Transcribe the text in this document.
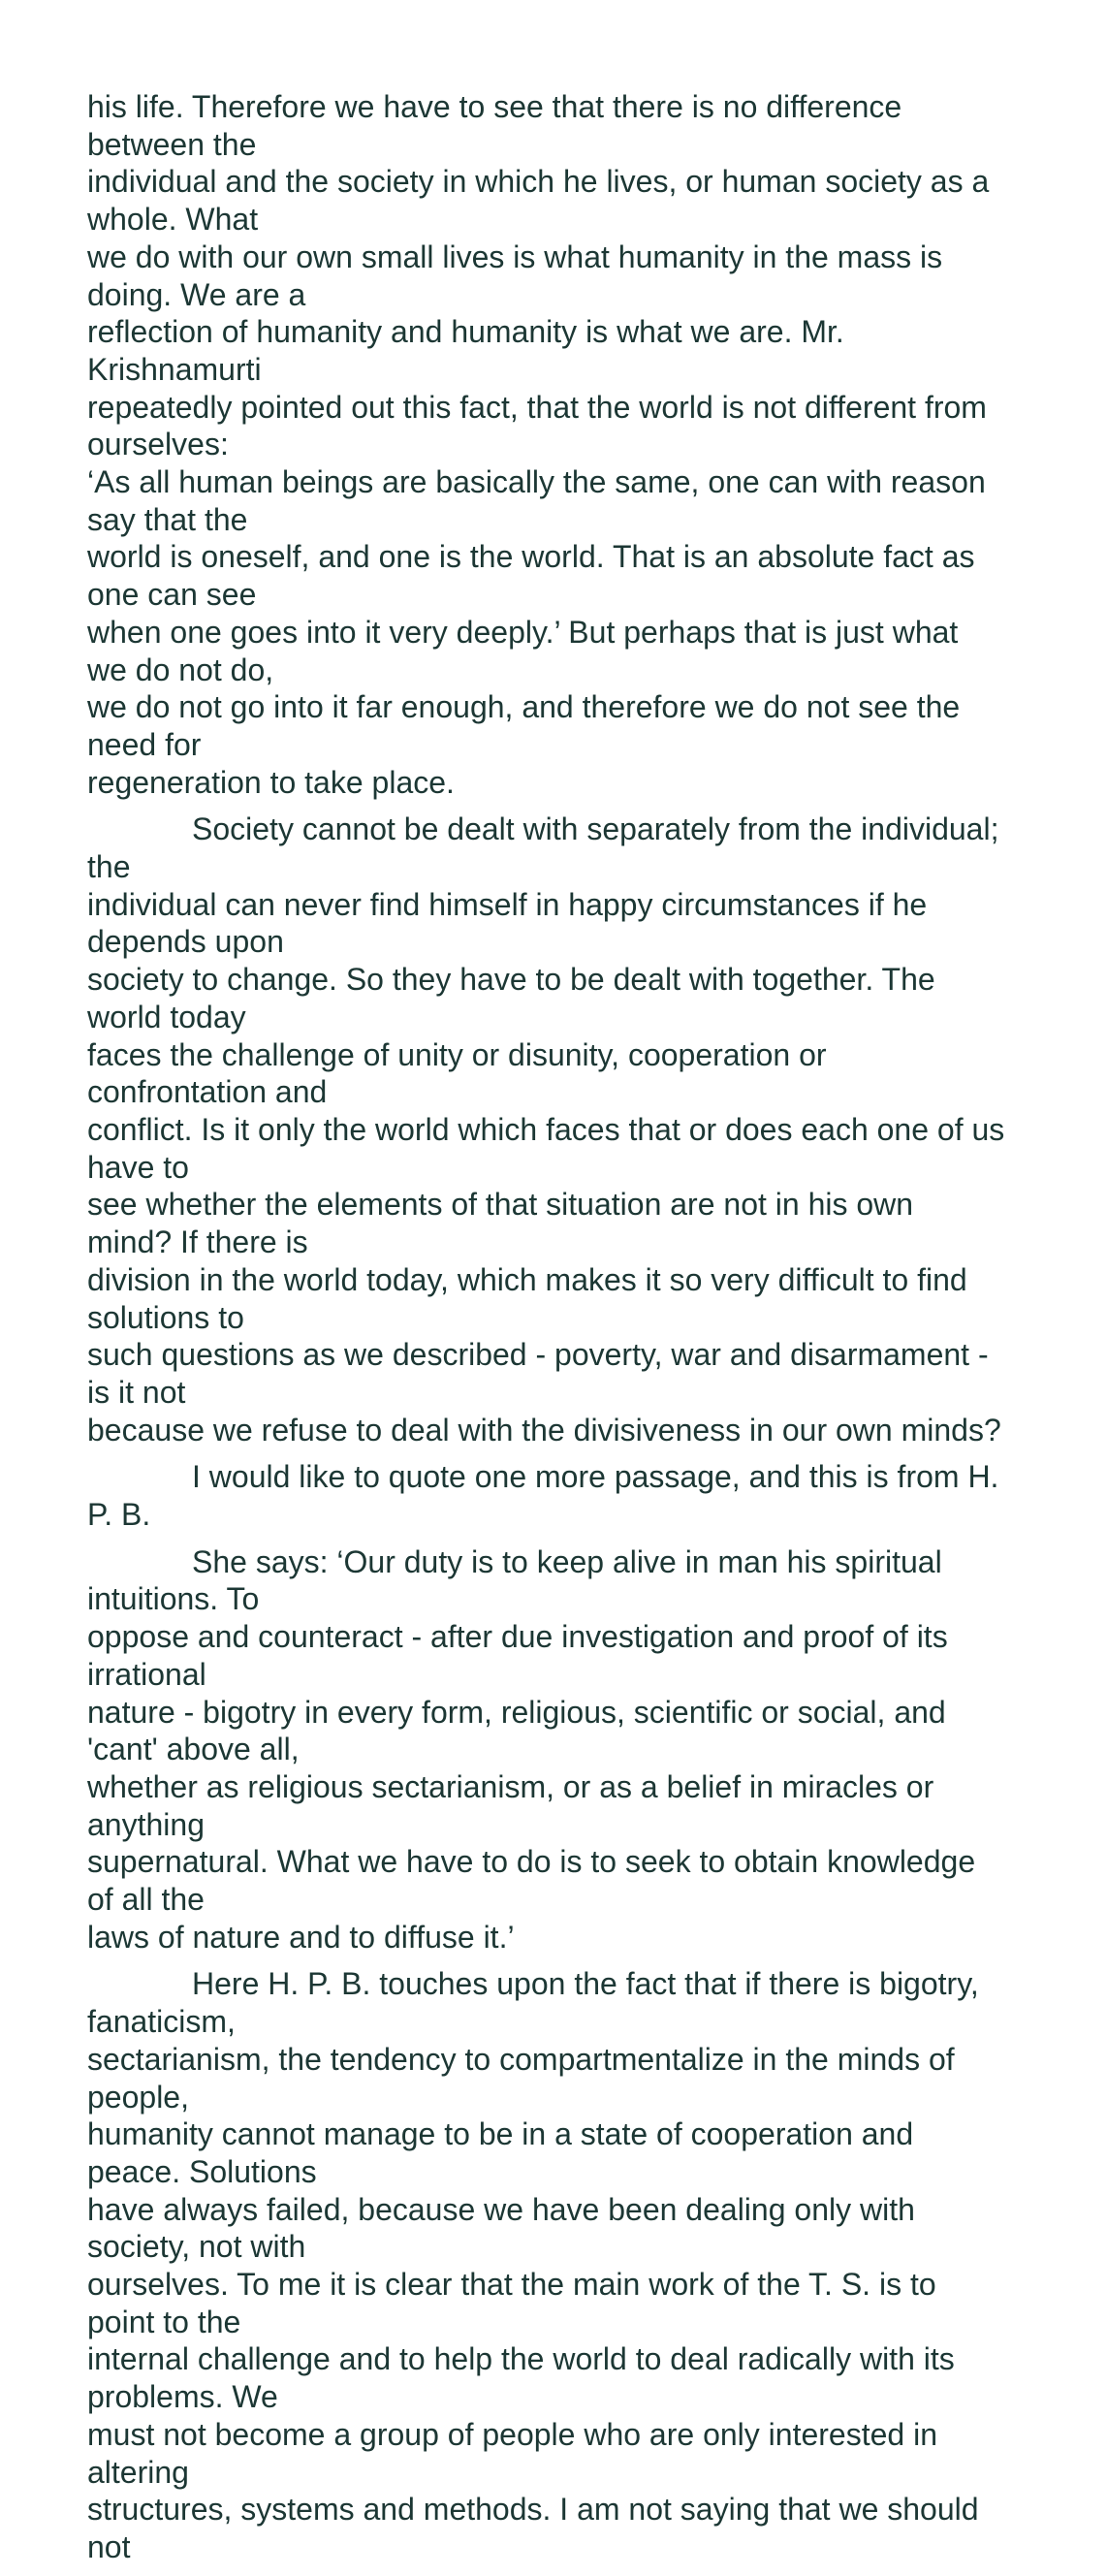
his life. Therefore we have to see that there is no difference between the
individual and the society in which he lives, or human society as a whole. What
we do with our own small lives is what humanity in the mass is doing. We are a
reflection of humanity and humanity is what we are. Mr. Krishnamurti
repeatedly pointed out this fact, that the world is not different from ourselves:
‘As all human beings are basically the same, one can with reason say that the
world is oneself, and one is the world. That is an absolute fact as one can see
when one goes into it very deeply.’ But perhaps that is just what we do not do,
we do not go into it far enough, and therefore we do not see the need for
regeneration to take place.

Society cannot be dealt with separately from the individual; the
individual can never find himself in happy circumstances if he depends upon
society to change. So they have to be dealt with together. The world today
faces the challenge of unity or disunity, cooperation or confrontation and
conflict. Is it only the world which faces that or does each one of us have to
see whether the elements of that situation are not in his own mind? If there is
division in the world today, which makes it so very difficult to find solutions to
such questions as we described - poverty, war and disarmament - is it not
because we refuse to deal with the divisiveness in our own minds?

I would like to quote one more passage, and this is from H. P. B.

She says: ‘Our duty is to keep alive in man his spiritual intuitions. To
oppose and counteract - after due investigation and proof of its irrational
nature - bigotry in every form, religious, scientific or social, and 'cant' above all,
whether as religious sectarianism, or as a belief in miracles or anything
supernatural. What we have to do is to seek to obtain knowledge of all the
laws of nature and to diffuse it.’

Here H. P. B. touches upon the fact that if there is bigotry, fanaticism,
sectarianism, the tendency to compartmentalize in the minds of people,
humanity cannot manage to be in a state of cooperation and peace. Solutions
have always failed, because we have been dealing only with society, not with
ourselves. To me it is clear that the main work of the T. S. is to point to the
internal challenge and to help the world to deal radically with its problems. We
must not become a group of people who are only interested in altering
structures, systems and methods. I am not saying that we should not
